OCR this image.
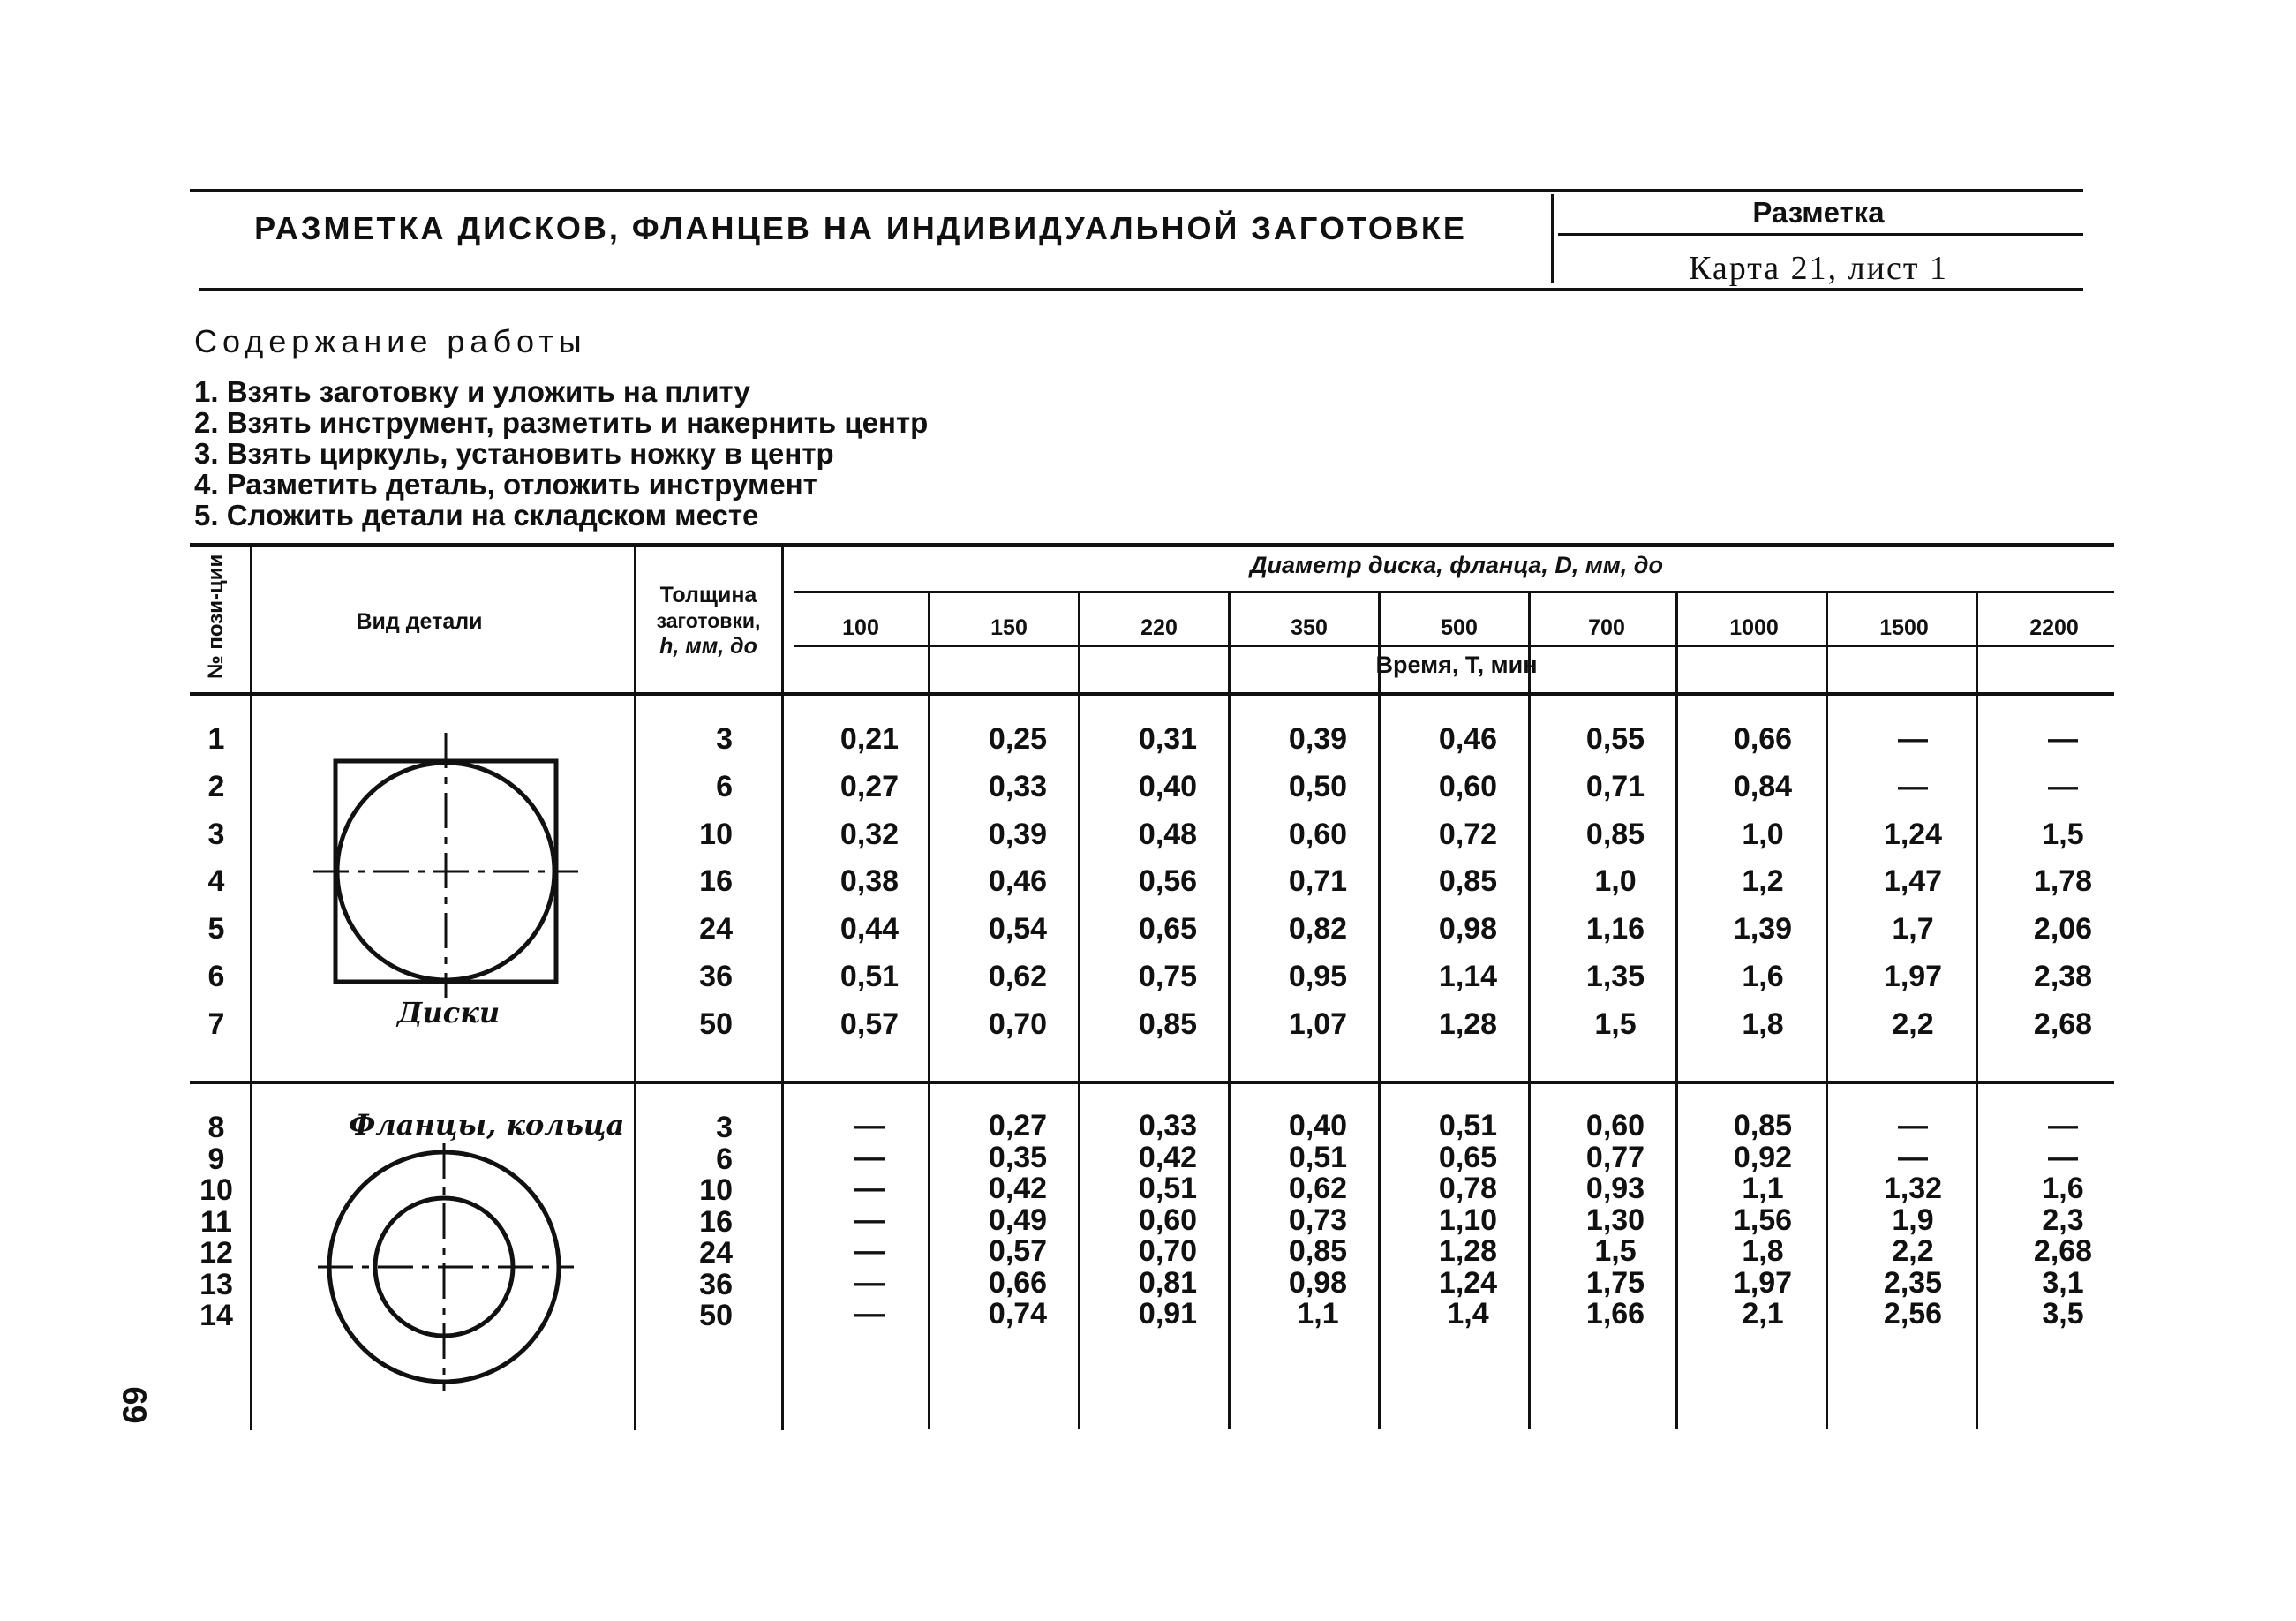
РАЗМЕТКА ДИСКОВ, ФЛАНЦЕВ НА ИНДИВИДУАЛЬНОЙ ЗАГОТОВКЕ	Разметка
Карта 21, лист 1
Содержание работы
1. Взять заготовку и уложить на плиту
2. Взять инструмент, разметить и накернить центр
3. Взять циркуль, установить ножку в центр
4. Разметить деталь, отложить инструмент
5. Сложить детали на складском месте
№ пози-ции	Вид детали
Толщина
заготовки,
h, мм, до
Диаметр диска, фланца, D, мм, до
Время, Т, мин
100	150	220	350	500	700	1000	1500	2200
Диски
Фланцы, кольца
1	3	0,21	0,25	0,31	0,39	0,46	0,55	0,66	—	—
2	6	0,27	0,33	0,40	0,50	0,60	0,71	0,84	—	—
3	10	0,32	0,39	0,48	0,60	0,72	0,85	1,0	1,24	1,5
4	16	0,38	0,46	0,56	0,71	0,85	1,0	1,2	1,47	1,78
5	24	0,44	0,54	0,65	0,82	0,98	1,16	1,39	1,7	2,06
6	36	0,51	0,62	0,75	0,95	1,14	1,35	1,6	1,97	2,38
7	50	0,57	0,70	0,85	1,07	1,28	1,5	1,8	2,2	2,68
8	3	—	0,27	0,33	0,40	0,51	0,60	0,85	—	—
9	6	—	0,35	0,42	0,51	0,65	0,77	0,92	—	—
10	10	—	0,42	0,51	0,62	0,78	0,93	1,1	1,32	1,6
11	16	—	0,49	0,60	0,73	1,10	1,30	1,56	1,9	2,3
12	24	—	0,57	0,70	0,85	1,28	1,5	1,8	2,2	2,68
13	36	—	0,66	0,81	0,98	1,24	1,75	1,97	2,35	3,1
14	50	—	0,74	0,91	1,1	1,4	1,66	2,1	2,56	3,5
69
